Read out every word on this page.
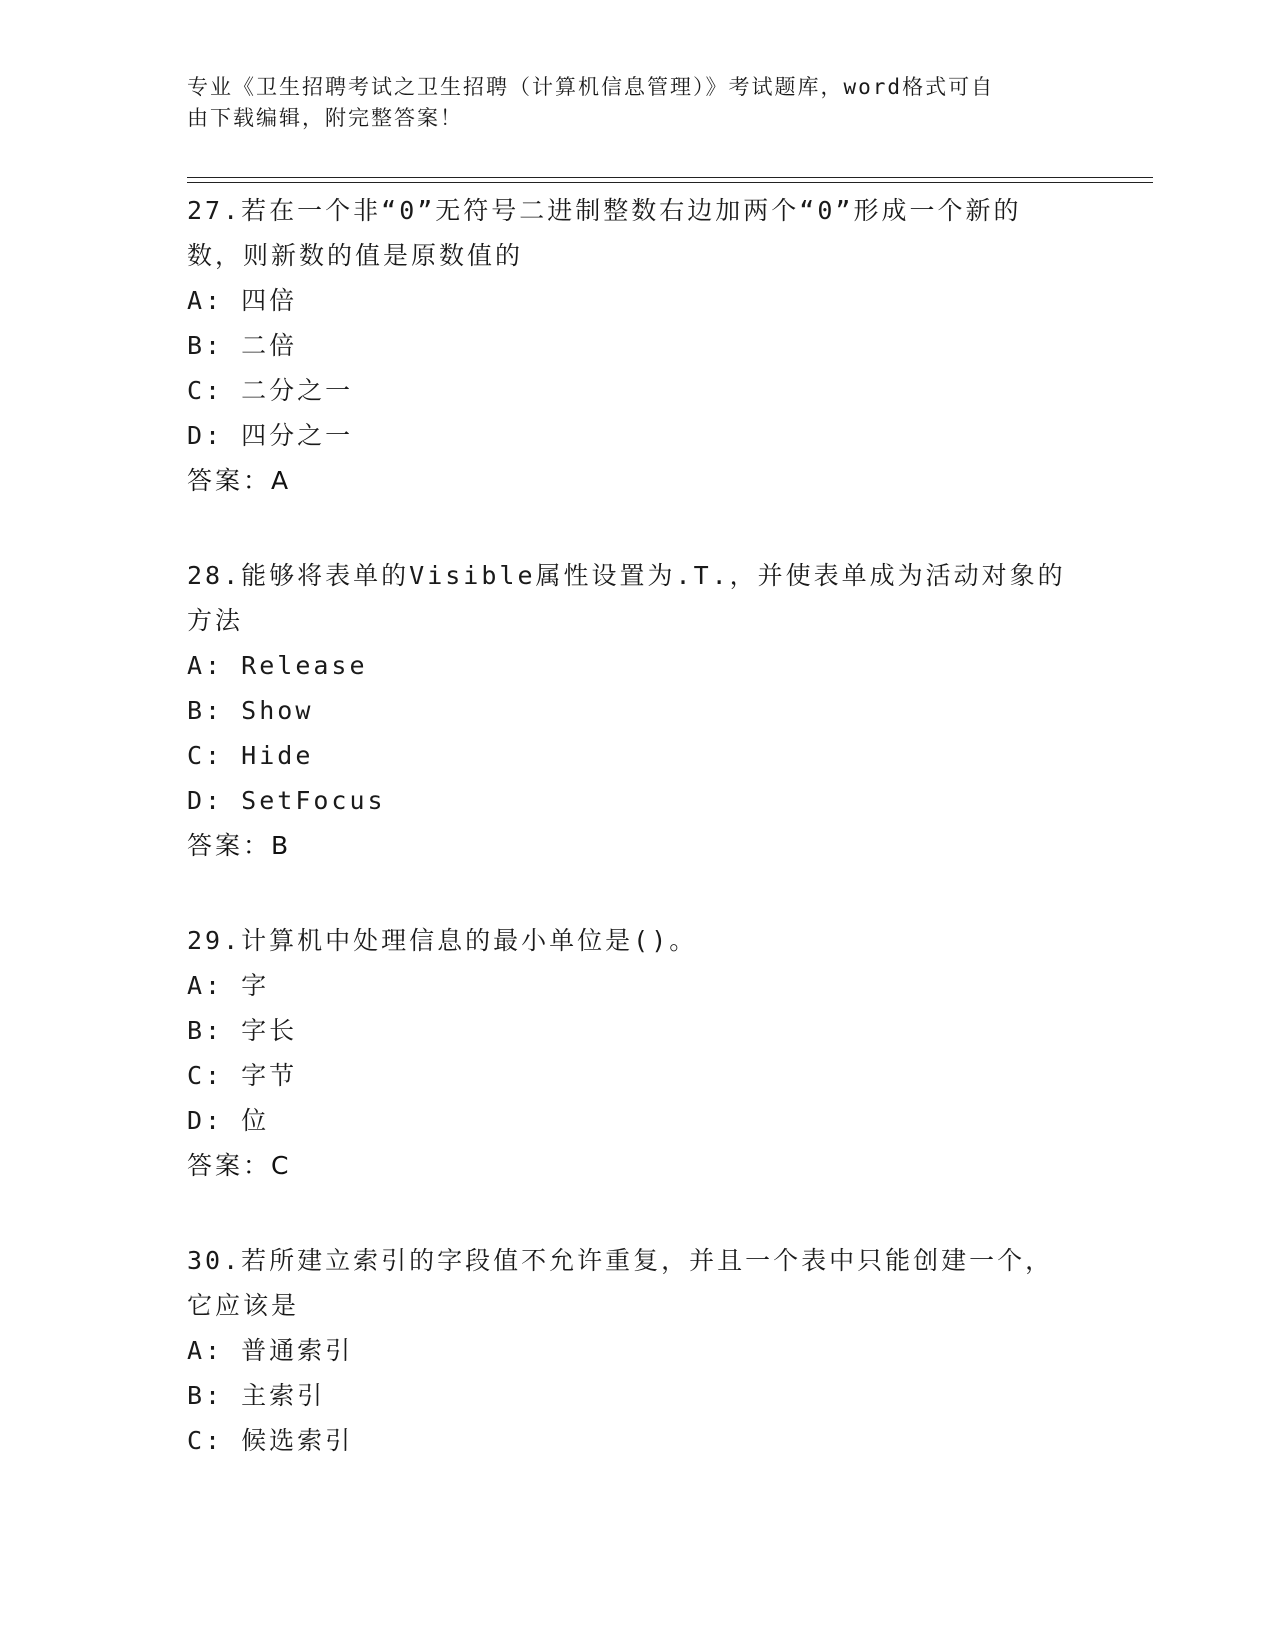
专业《卫生招聘考试之卫生招聘（计算机信息管理）》考试题库，word格式可自
由下载编辑，附完整答案！
27.若在一个非“0”无符号二进制整数右边加两个“0”形成一个新的
数，则新数的值是原数值的
A: 四倍
B: 二倍
C: 二分之一
D: 四分之一
答案：A
28.能够将表单的Visible属性设置为.T.，并使表单成为活动对象的
方法
A: Release
B: Show
C: Hide
D: SetFocus
答案：B
29.计算机中处理信息的最小单位是()。
A: 字
B: 字长
C: 字节
D: 位
答案：C
30.若所建立索引的字段值不允许重复，并且一个表中只能创建一个，
它应该是
A: 普通索引
B: 主索引
C: 候选索引
